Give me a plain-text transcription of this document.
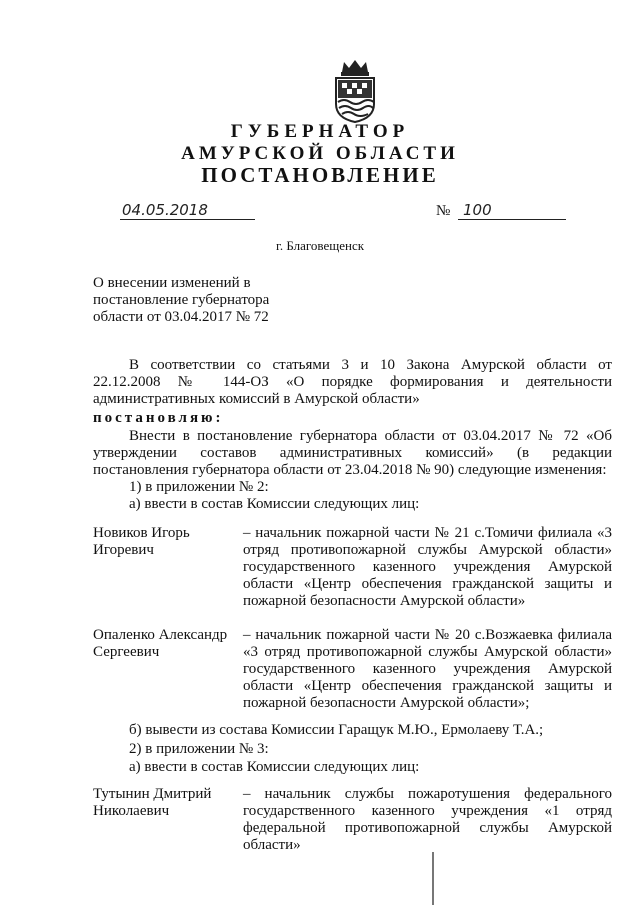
ГУБЕРНАТОР
АМУРСКОЙ ОБЛАСТИ
ПОСТАНОВЛЕНИЕ
04.05.2018	№ 100
г. Благовещенск
О внесении изменений в
постановление губернатора
области от 03.04.2017 № 72
В соответствии со статьями 3 и 10 Закона Амурской области от
22.12.2008 № 144-ОЗ «О порядке формирования и деятельности
административных комиссий в Амурской области»
постановляю:
Внести в постановление губернатора области от 03.04.2017 № 72 «Об
утверждении составов административных комиссий» (в редакции
постановления губернатора области от 23.04.2018 № 90) следующие изменения:
1) в приложении № 2:
а) ввести в состав Комиссии следующих лиц:
Новиков Игорь
Игоревич
– начальник пожарной части № 21 с.Томичи филиала «3
отряд противопожарной службы Амурской области»
государственного казенного учреждения Амурской
области «Центр обеспечения гражданской защиты и
пожарной безопасности Амурской области»
Опаленко Александр
Сергеевич
– начальник пожарной части № 20 с.Возжаевка филиала
«3 отряд противопожарной службы Амурской области»
государственного казенного учреждения Амурской
области «Центр обеспечения гражданской защиты и
пожарной безопасности Амурской области»;
б) вывести из состава Комиссии Гаращук М.Ю., Ермолаеву Т.А.;
2) в приложении № 3:
а) ввести в состав Комиссии следующих лиц:
Тутынин Дмитрий
Николаевич
– начальник службы пожаротушения федерального
государственного казенного учреждения «1 отряд
федеральной противопожарной службы Амурской
области»
